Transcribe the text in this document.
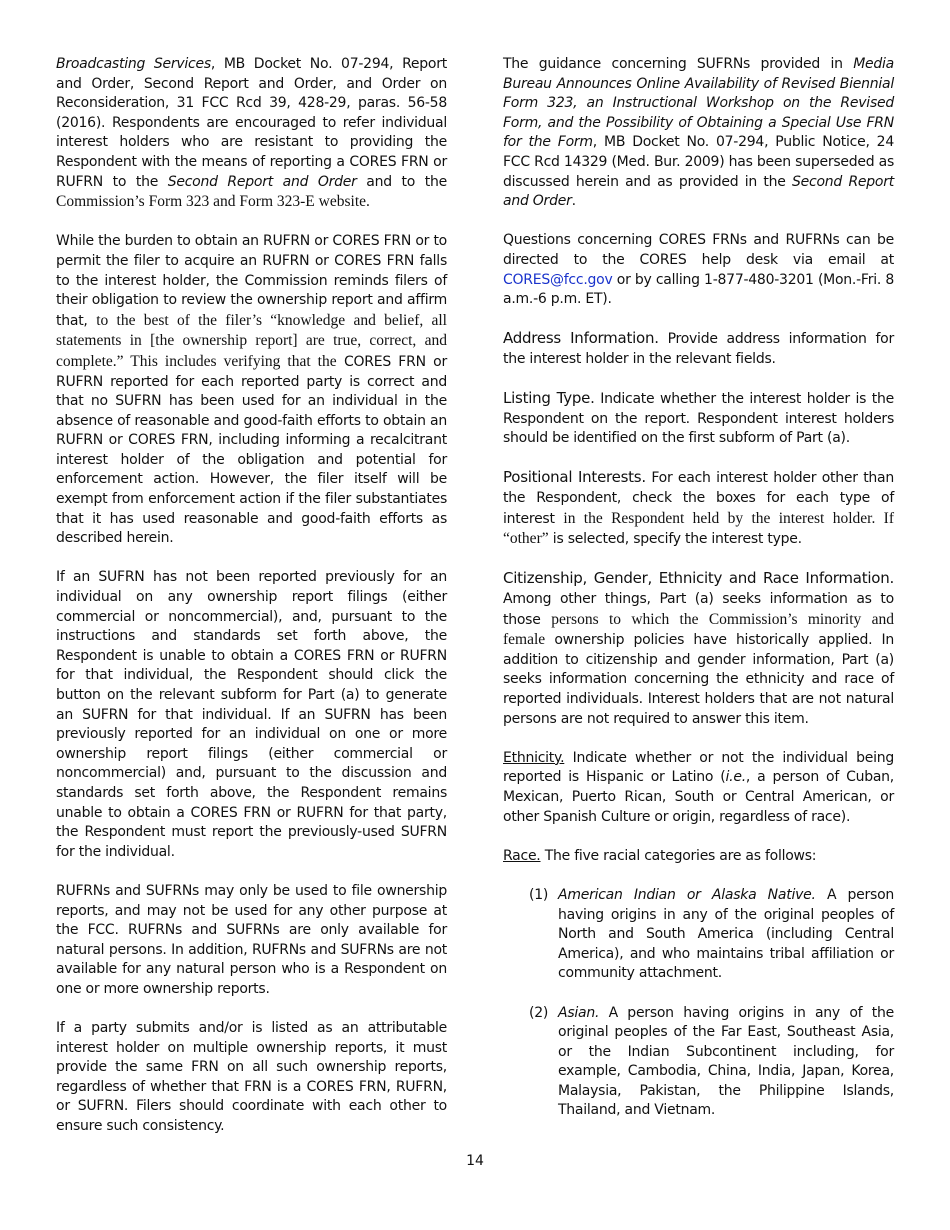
Broadcasting Services, MB Docket No. 07-294, Report and Order, Second Report and Order, and Order on Reconsideration, 31 FCC Rcd 39, 428-29, paras. 56-58 (2016). Respondents are encouraged to refer individual interest holders who are resistant to providing the Respondent with the means of reporting a CORES FRN or RUFRN to the Second Report and Order and to the Commission’s Form 323 and Form 323-E website.

While the burden to obtain an RUFRN or CORES FRN or to permit the filer to acquire an RUFRN or CORES FRN falls to the interest holder, the Commission reminds filers of their obligation to review the ownership report and affirm that, to the best of the filer’s “knowledge and belief, all statements in [the ownership report] are true, correct, and complete.” This includes verifying that the CORES FRN or RUFRN reported for each reported party is correct and that no SUFRN has been used for an individual in the absence of reasonable and good-faith efforts to obtain an RUFRN or CORES FRN, including informing a recalcitrant interest holder of the obligation and potential for enforcement action. However, the filer itself will be exempt from enforcement action if the filer substantiates that it has used reasonable and good-faith efforts as described herein.

If an SUFRN has not been reported previously for an individual on any ownership report filings (either commercial or noncommercial), and, pursuant to the instructions and standards set forth above, the Respondent is unable to obtain a CORES FRN or RUFRN for that individual, the Respondent should click the button on the relevant subform for Part (a) to generate an SUFRN for that individual. If an SUFRN has been previously reported for an individual on one or more ownership report filings (either commercial or noncommercial) and, pursuant to the discussion and standards set forth above, the Respondent remains unable to obtain a CORES FRN or RUFRN for that party, the Respondent must report the previously-used SUFRN for the individual.

RUFRNs and SUFRNs may only be used to file ownership reports, and may not be used for any other purpose at the FCC. RUFRNs and SUFRNs are only available for natural persons. In addition, RUFRNs and SUFRNs are not available for any natural person who is a Respondent on one or more ownership reports.

If a party submits and/or is listed as an attributable interest holder on multiple ownership reports, it must provide the same FRN on all such ownership reports, regardless of whether that FRN is a CORES FRN, RUFRN, or SUFRN. Filers should coordinate with each other to ensure such consistency.

The guidance concerning SUFRNs provided in Media Bureau Announces Online Availability of Revised Biennial Form 323, an Instructional Workshop on the Revised Form, and the Possibility of Obtaining a Special Use FRN for the Form, MB Docket No. 07-294, Public Notice, 24 FCC Rcd 14329 (Med. Bur. 2009) has been superseded as discussed herein and as provided in the Second Report and Order.

Questions concerning CORES FRNs and RUFRNs can be directed to the CORES help desk via email at CORES@fcc.gov or by calling 1-877-480-3201 (Mon.-Fri. 8 a.m.-6 p.m. ET).

Address Information. Provide address information for the interest holder in the relevant fields.

Listing Type. Indicate whether the interest holder is the Respondent on the report. Respondent interest holders should be identified on the first subform of Part (a).

Positional Interests. For each interest holder other than the Respondent, check the boxes for each type of interest in the Respondent held by the interest holder. If “other” is selected, specify the interest type.

Citizenship, Gender, Ethnicity and Race Information. Among other things, Part (a) seeks information as to those persons to which the Commission’s minority and female ownership policies have historically applied. In addition to citizenship and gender information, Part (a) seeks information concerning the ethnicity and race of reported individuals. Interest holders that are not natural persons are not required to answer this item.

Ethnicity. Indicate whether or not the individual being reported is Hispanic or Latino (i.e., a person of Cuban, Mexican, Puerto Rican, South or Central American, or other Spanish Culture or origin, regardless of race).

Race. The five racial categories are as follows:

(1) American Indian or Alaska Native. A person having origins in any of the original peoples of North and South America (including Central America), and who maintains tribal affiliation or community attachment.
(2) Asian. A person having origins in any of the original peoples of the Far East, Southeast Asia, or the Indian Subcontinent including, for example, Cambodia, China, India, Japan, Korea, Malaysia, Pakistan, the Philippine Islands, Thailand, and Vietnam.
14
